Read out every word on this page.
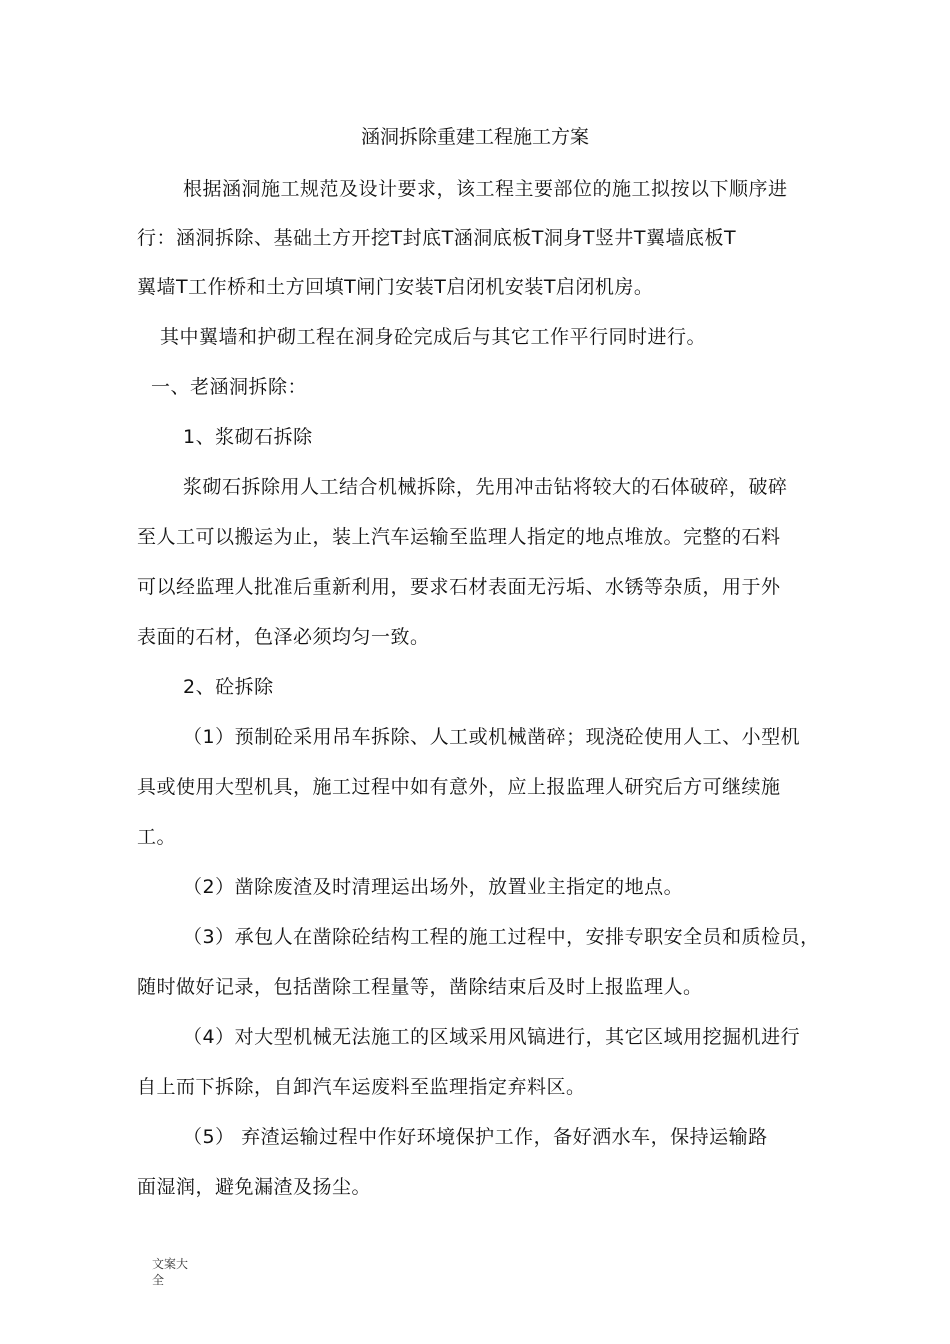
涵洞拆除重建工程施工方案
根据涵洞施工规范及设计要求，该工程主要部位的施工拟按以下顺序进
行：涵洞拆除、基础土方开挖T封底T涵洞底板T洞身T竖井T翼墙底板T
翼墙T工作桥和土方回填T闸门安装T启闭机安装T启闭机房。
其中翼墙和护砌工程在洞身砼完成后与其它工作平行同时进行。
一、老涵洞拆除：
1、浆砌石拆除
浆砌石拆除用人工结合机械拆除，先用冲击钻将较大的石体破碎，破碎
至人工可以搬运为止，装上汽车运输至监理人指定的地点堆放。完整的石料
可以经监理人批准后重新利用，要求石材表面无污垢、水锈等杂质，用于外
表面的石材，色泽必须均匀一致。
2、砼拆除
（1）预制砼采用吊车拆除、人工或机械凿碎；现浇砼使用人工、小型机
具或使用大型机具，施工过程中如有意外，应上报监理人研究后方可继续施
工。
（2）凿除废渣及时清理运出场外，放置业主指定的地点。
（3）承包人在凿除砼结构工程的施工过程中，安排专职安全员和质检员，
随时做好记录，包括凿除工程量等，凿除结束后及时上报监理人。
（4）对大型机械无法施工的区域采用风镐进行，其它区域用挖掘机进行
自上而下拆除，自卸汽车运废料至监理指定弃料区。
（5） 弃渣运输过程中作好环境保护工作，备好洒水车，保持运输路
面湿润，避免漏渣及扬尘。
文案大全
